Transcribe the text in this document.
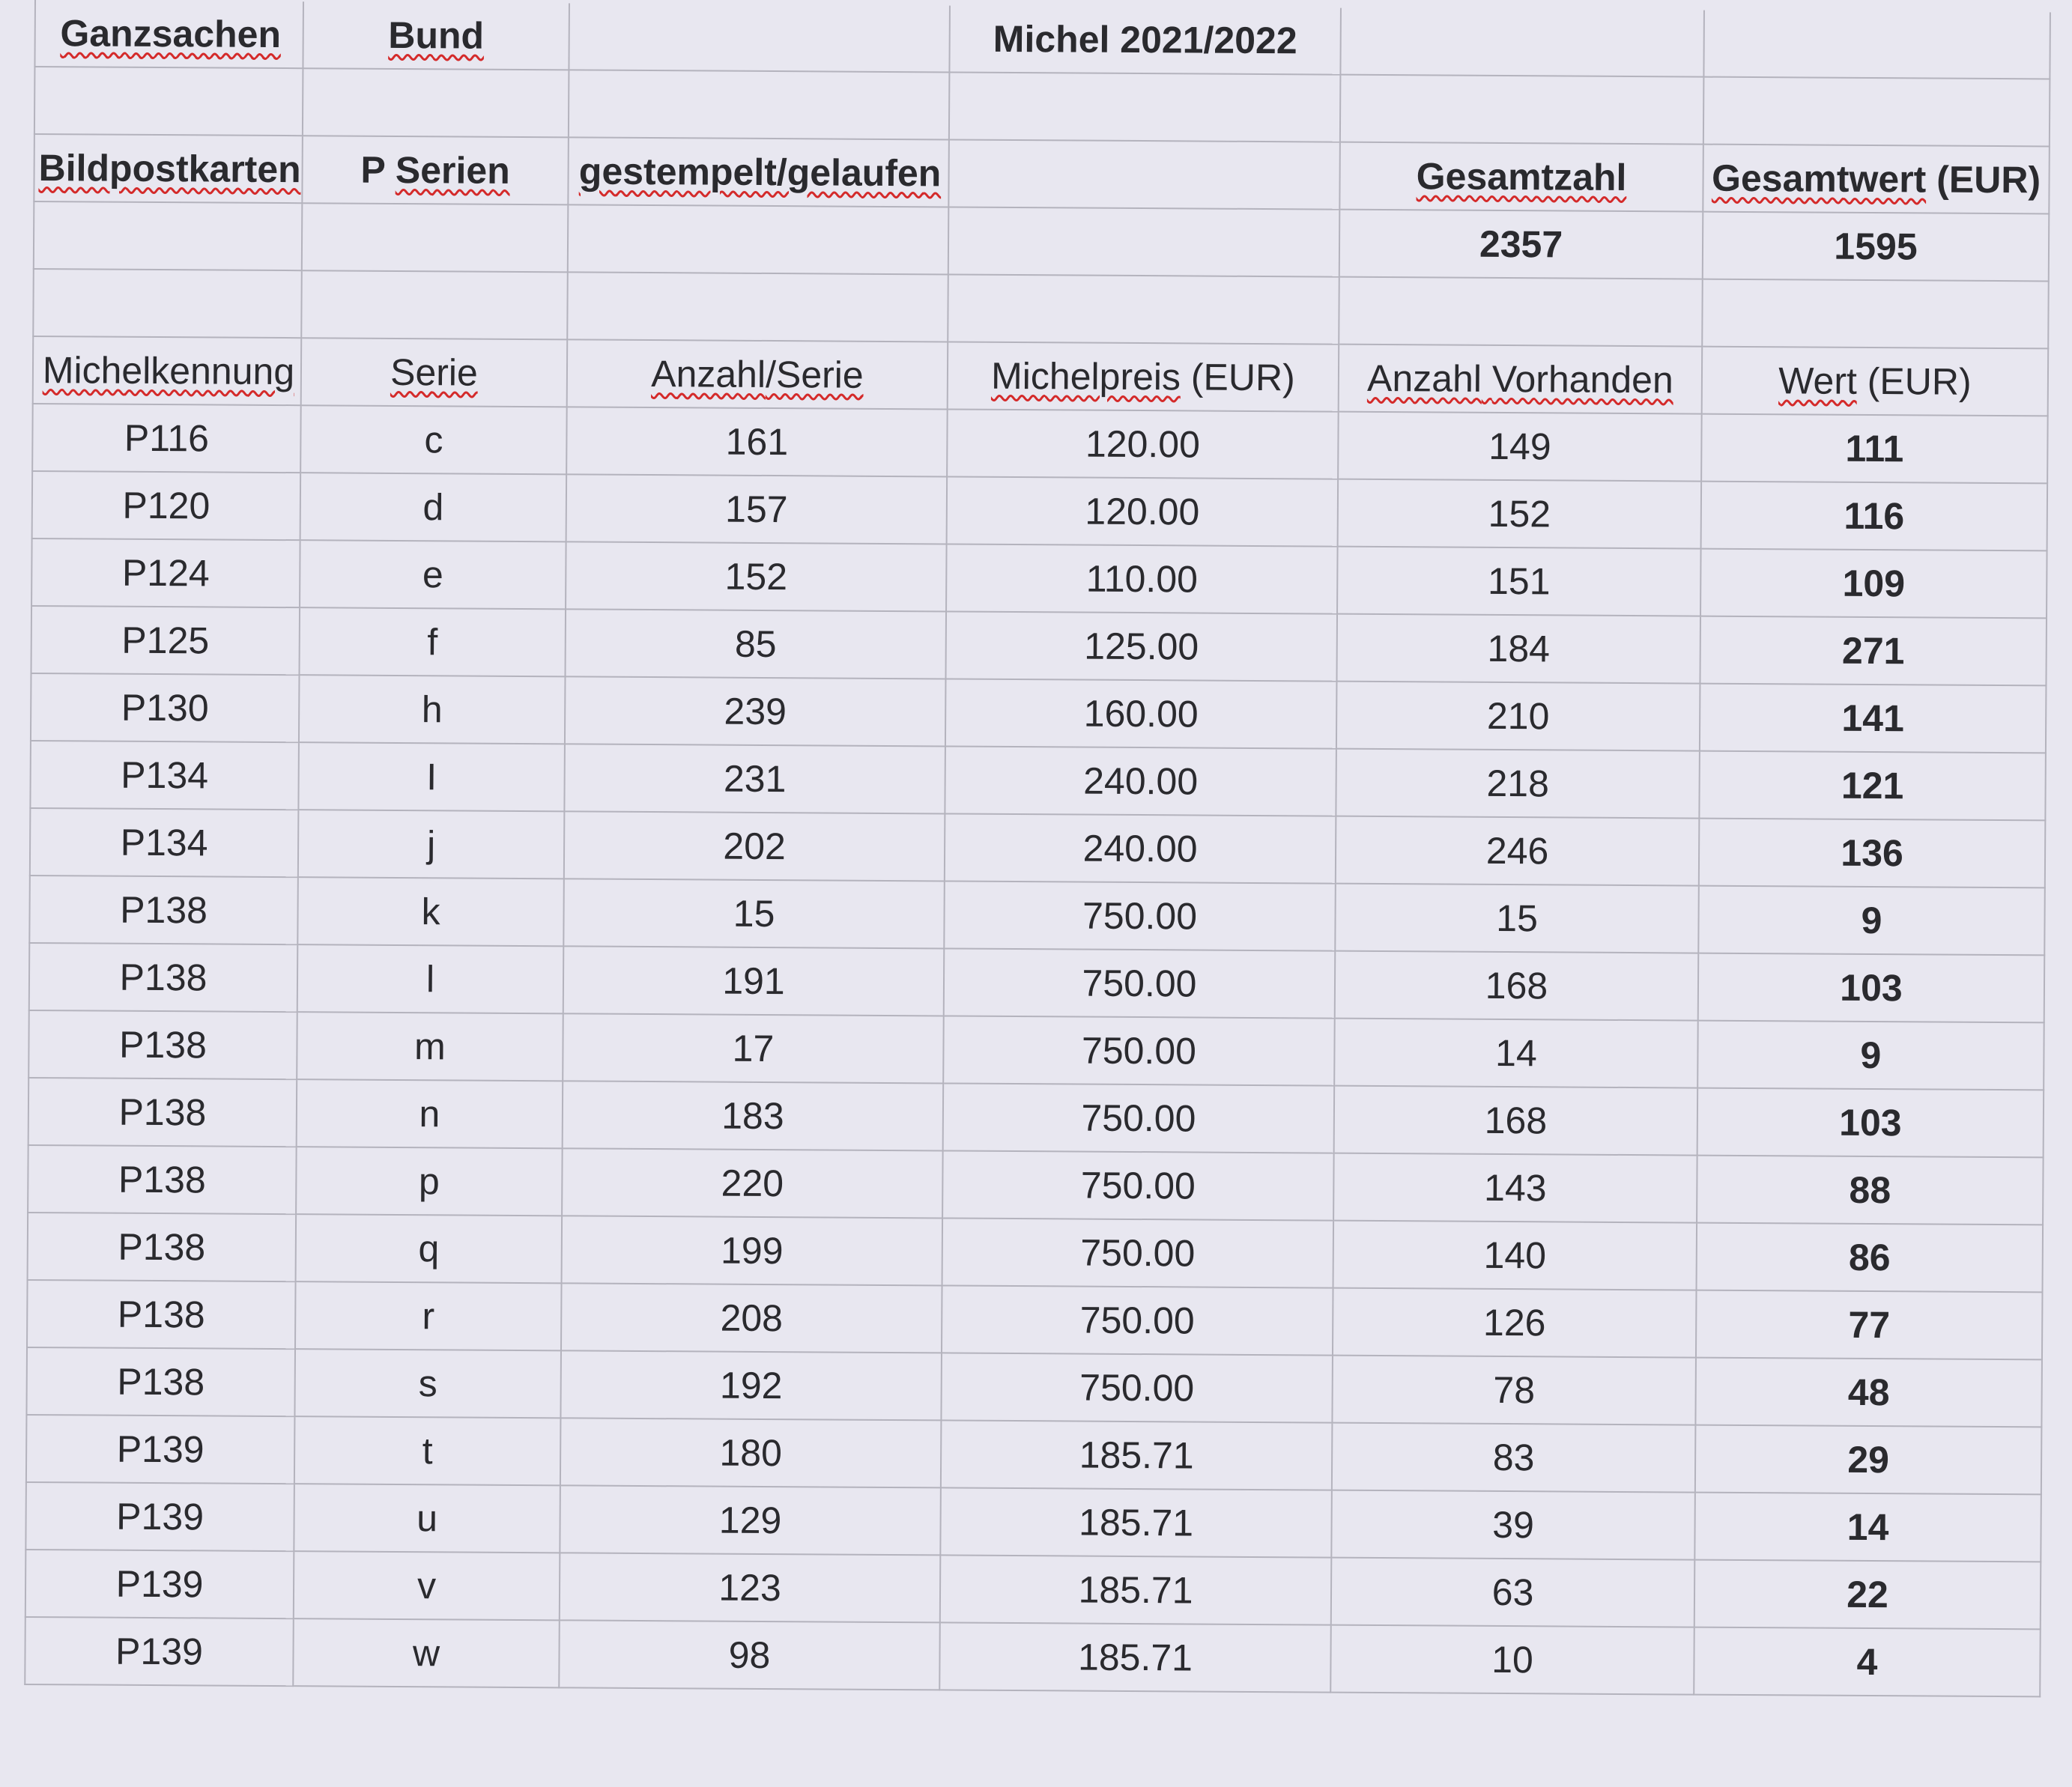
Ganzsachen	Bund		Michel 2021/2022		

Bildpostkarten	P Serien	gestempelt/gelaufen		Gesamtzahl	Gesamtwert (EUR)
				2357	1595

Michelkennung	Serie	Anzahl/Serie	Michelpreis (EUR)	Anzahl Vorhanden	Wert (EUR)
P116	c	161	120.00	149	111
P120	d	157	120.00	152	116
P124	e	152	110.00	151	109
P125	f	85	125.00	184	271
P130	h	239	160.00	210	141
P134	I	231	240.00	218	121
P134	j	202	240.00	246	136
P138	k	15	750.00	15	9
P138	l	191	750.00	168	103
P138	m	17	750.00	14	9
P138	n	183	750.00	168	103
P138	p	220	750.00	143	88
P138	q	199	750.00	140	86
P138	r	208	750.00	126	77
P138	s	192	750.00	78	48
P139	t	180	185.71	83	29
P139	u	129	185.71	39	14
P139	v	123	185.71	63	22
P139	w	98	185.71	10	4
